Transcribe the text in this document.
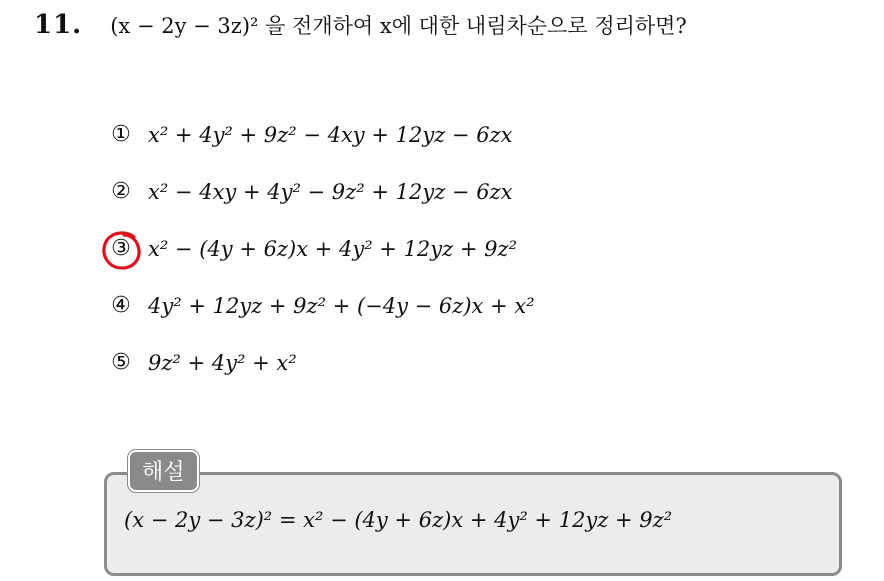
11. (x − 2y − 3z)² 을 전개하여 x에 대한 내림차순으로 정리하면?
① x² + 4y² + 9z² − 4xy + 12yz − 6zx
② x² − 4xy + 4y² − 9z² + 12yz − 6zx
③ x² − (4y + 6z)x + 4y² + 12yz + 9z²
④ 4y² + 12yz + 9z² + (−4y − 6z)x + x²
⑤ 9z² + 4y² + x²
해설
(x − 2y − 3z)² = x² − (4y + 6z)x + 4y² + 12yz + 9z²
